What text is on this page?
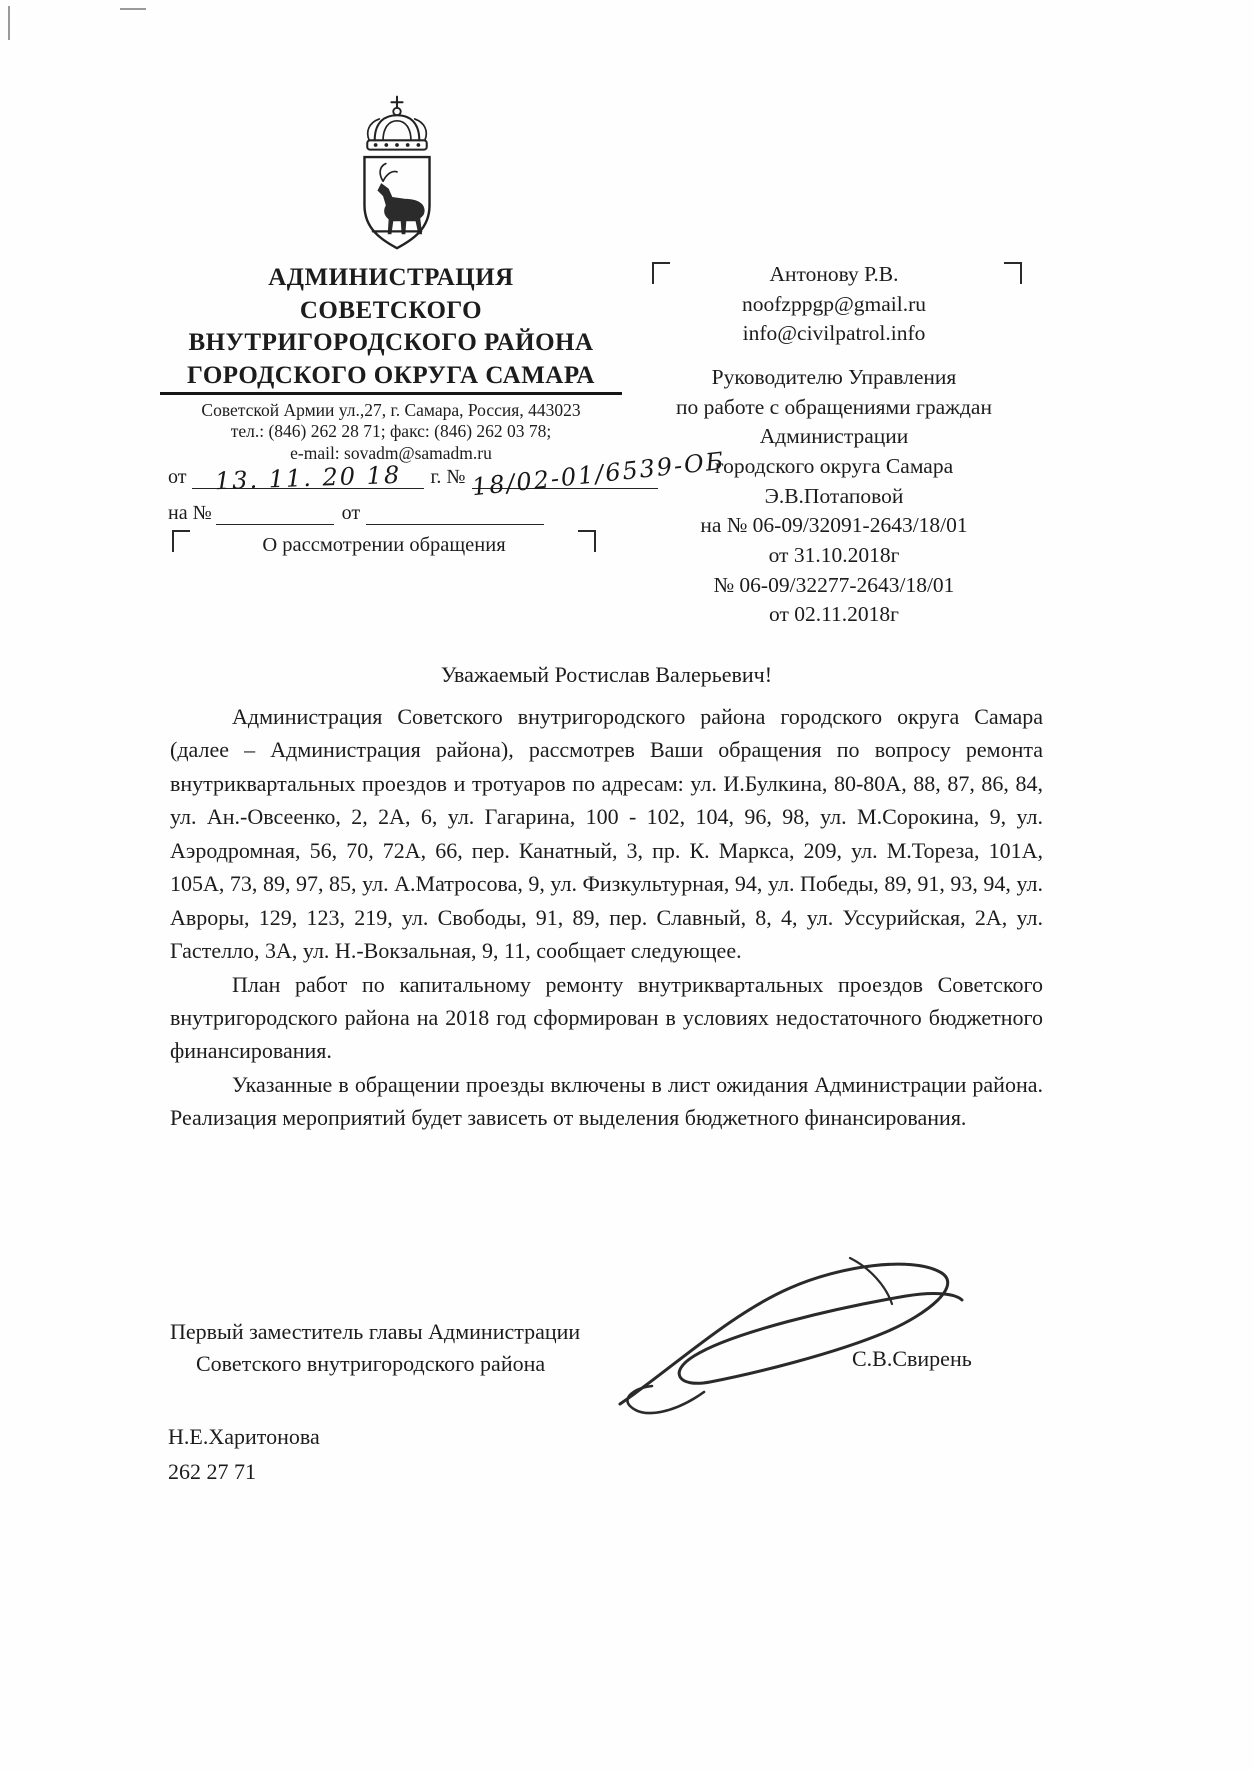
АДМИНИСТРАЦИЯ
СОВЕТСКОГО
ВНУТРИГОРОДСКОГО РАЙОНА
ГОРОДСКОГО ОКРУГА САМАРА
Советской Армии ул.,27, г. Самара, Россия, 443023
тел.: (846) 262 28 71; факс: (846) 262 03 78;
e-mail: sovadm@samadm.ru
от 13. 11. 20 18 г. № 18/02-01/6539-ОБ
на №	от
О рассмотрении обращения
Антонову Р.В.
noofzppgp@gmail.ru
info@civilpatrol.info
Руководителю Управления
по работе с обращениями граждан
Администрации
городского округа Самара
Э.В.Потаповой
на № 06-09/32091-2643/18/01
от 31.10.2018г
№ 06-09/32277-2643/18/01
от 02.11.2018г
Уважаемый Ростислав Валерьевич!

Администрация Советского внутригородского района городского округа Самара (далее – Администрация района), рассмотрев Ваши обращения по вопросу ремонта внутриквартальных проездов и тротуаров по адресам: ул. И.Булкина, 80-80А, 88, 87, 86, 84, ул. Ан.-Овсеенко, 2, 2А, 6, ул. Гагарина, 100 - 102, 104, 96, 98, ул. М.Сорокина, 9, ул. Аэродромная, 56, 70, 72А, 66, пер. Канатный, 3, пр. К. Маркса, 209, ул. М.Тореза, 101А, 105А, 73, 89, 97, 85, ул. А.Матросова, 9, ул. Физкультурная, 94, ул. Победы, 89, 91, 93, 94, ул. Авроры, 129, 123, 219, ул. Свободы, 91, 89, пер. Славный, 8, 4, ул. Уссурийская, 2А, ул. Гастелло, 3А, ул. Н.-Вокзальная, 9, 11, сообщает следующее.

План работ по капитальному ремонту внутриквартальных проездов Советского внутригородского района на 2018 год сформирован в условиях недостаточного бюджетного финансирования.

Указанные в обращении проезды включены в лист ожидания Администрации района. Реализация мероприятий будет зависеть от выделения бюджетного финансирования.

Первый заместитель главы Администрации
Советского внутригородского района	С.В.Свирень
Н.Е.Харитонова
262 27 71
